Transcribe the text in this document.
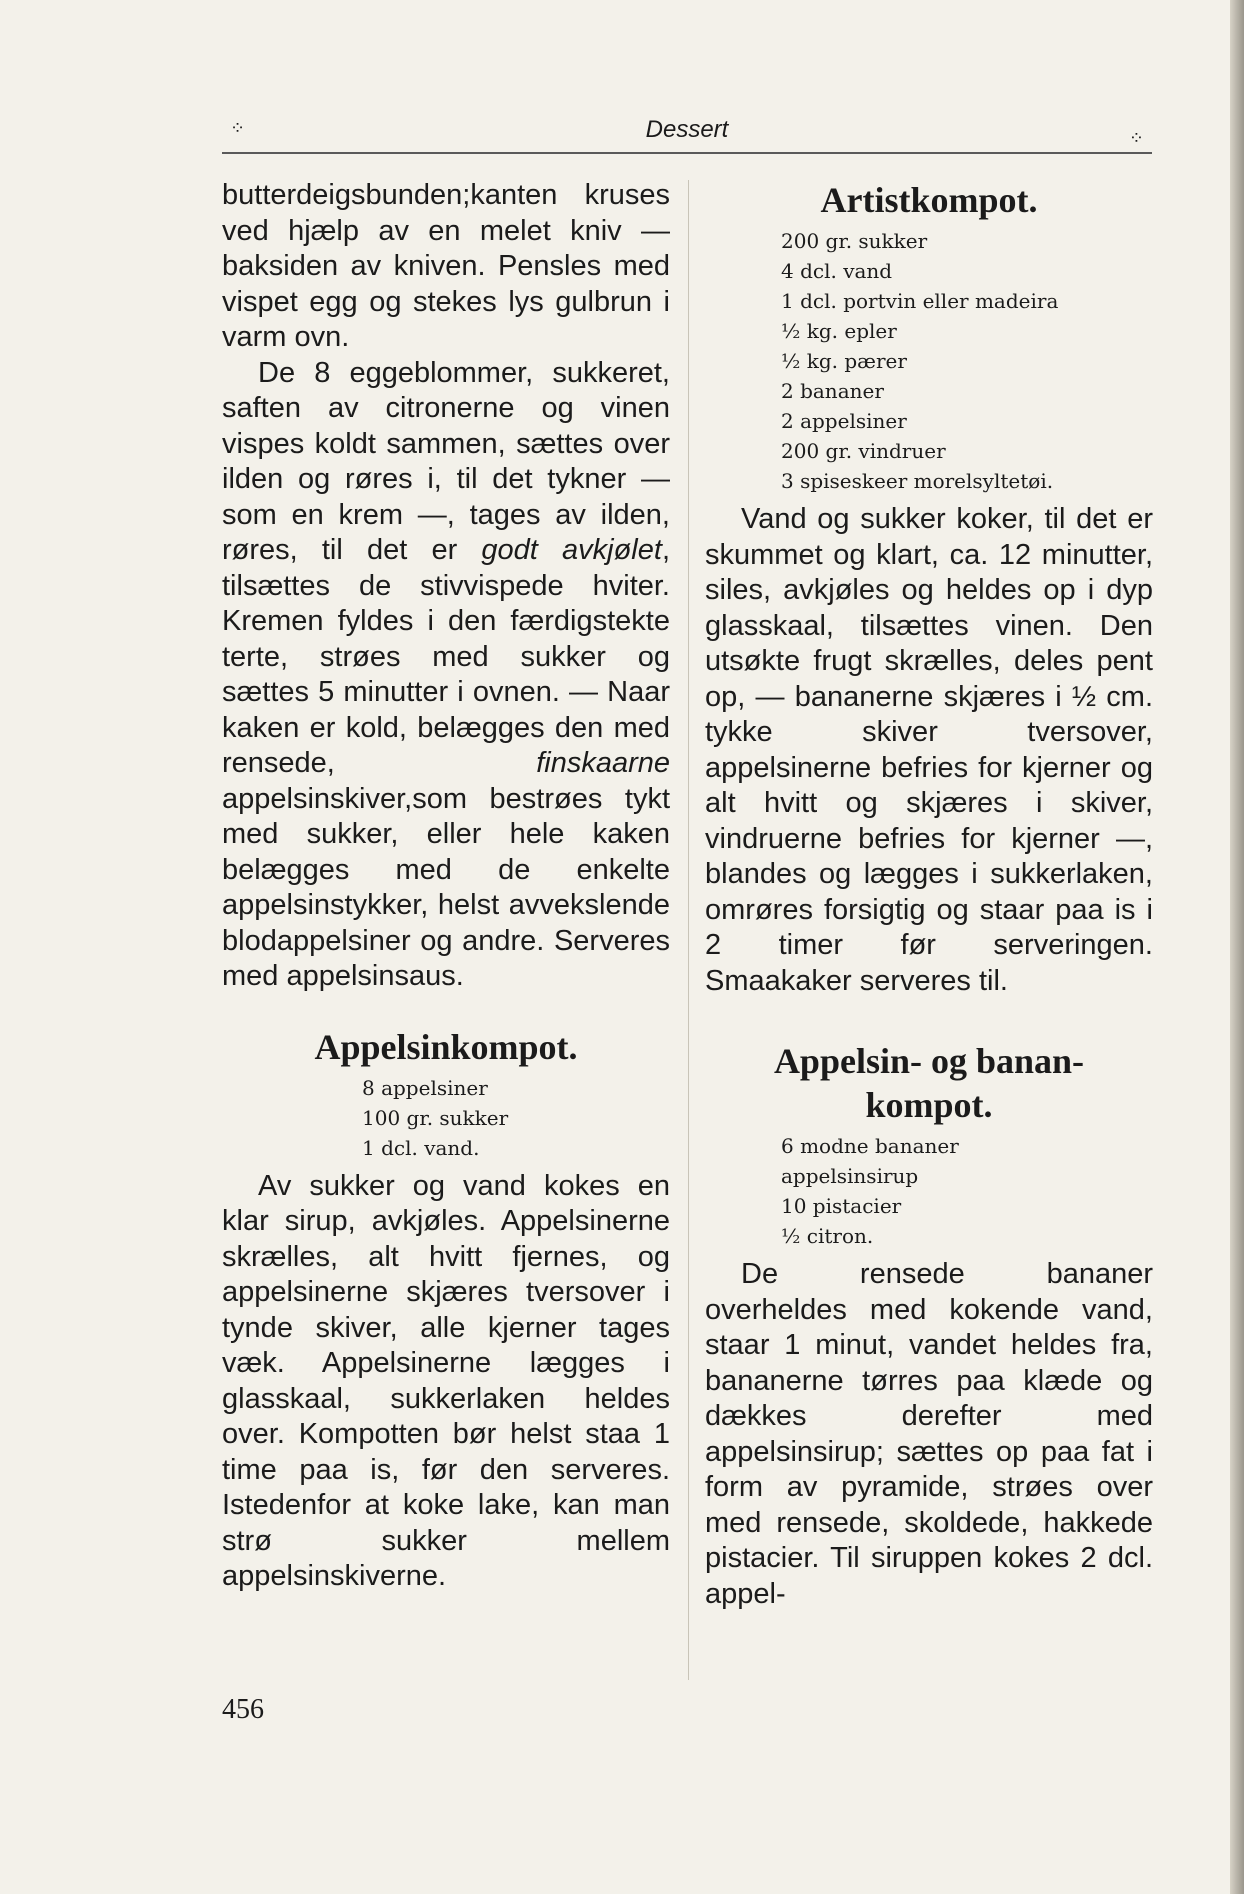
⁘	Dessert	⁘

butterdeigsbunden;kanten kruses ved hjælp av en melet kniv — baksiden av kniven. Pensles med vispet egg og stekes lys gulbrun i varm ovn.

De 8 eggeblommer, sukkeret, saften av citronerne og vinen vispes koldt sammen, sættes over ilden og røres i, til det tykner — som en krem —, tages av ilden, røres, til det er godt avkjølet, tilsættes de stivvispede hviter. Kremen fyldes i den færdigstekte terte, strøes med sukker og sættes 5 minutter i ovnen. — Naar kaken er kold, belægges den med rensede, finskaarne appelsinskiver,som bestrøes tykt med sukker, eller hele kaken belægges med de enkelte appelsinstykker, helst avvekslende blodappelsiner og andre. Serveres med appelsinsaus.

Appelsinkompot.
8 appelsiner
100 gr. sukker
1 dcl. vand.

Av sukker og vand kokes en klar sirup, avkjøles. Appelsinerne skrælles, alt hvitt fjernes, og appelsinerne skjæres tversover i tynde skiver, alle kjerner tages væk. Appelsinerne lægges i glasskaal, sukkerlaken heldes over. Kompotten bør helst staa 1 time paa is, før den serveres. Istedenfor at koke lake, kan man strø sukker mellem appelsinskiverne.

Artistkompot.
200 gr. sukker
4 dcl. vand
1 dcl. portvin eller madeira
½ kg. epler
½ kg. pærer
2 bananer
2 appelsiner
200 gr. vindruer
3 spiseskeer morelsyltetøi.

Vand og sukker koker, til det er skummet og klart, ca. 12 minutter, siles, avkjøles og heldes op i dyp glasskaal, tilsættes vinen. Den utsøkte frugt skrælles, deles pent op, — bananerne skjæres i ½ cm. tykke skiver tversover, appelsinerne befries for kjerner og alt hvitt og skjæres i skiver, vindruerne befries for kjerner —, blandes og lægges i sukkerlaken, omrøres forsigtig og staar paa is i 2 timer før serveringen. Smaakaker serveres til.

Appelsin- og banan-
kompot.
6 modne bananer
appelsinsirup
10 pistacier
½ citron.

De rensede bananer overheldes med kokende vand, staar 1 minut, vandet heldes fra, bananerne tørres paa klæde og dækkes derefter med appelsinsirup; sættes op paa fat i form av pyramide, strøes over med rensede, skoldede, hakkede pistacier. Til siruppen kokes 2 dcl. appel-

456
